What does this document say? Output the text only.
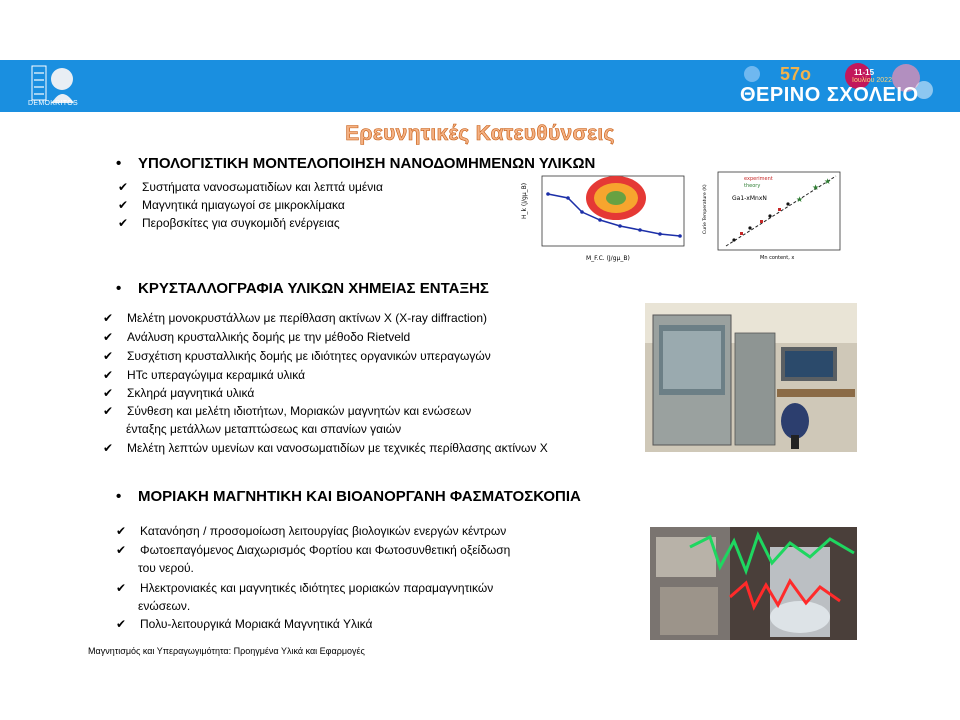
DEMOKRITOS
57ο	11-15
Ιουλίου 2022
ΘΕΡΙΝΟ ΣΧΟΛΕΙΟ
Ερευνητικές Κατευθύνσεις
• ΥΠΟΛΟΓΙΣΤΙΚΗ ΜΟΝΤΕΛΟΠΟΙΗΣΗ ΝΑΝΟΔΟΜΗΜΕΝΩΝ ΥΛΙΚΩΝ
✔ Συστήματα νανοσωματιδίων και λεπτά υμένια
✔ Μαγνητικά ημιαγωγοί σε μικροκλίμακα
✔ Περοβσκίτες για συγκομιδή ενέργειας
H_k (J/gμ_B)
M_F.C. (J/gμ_B)
★
★
★
experiment
theory
Ga1-xMnxN
Curie Temperature (K)
Mn content, x
• ΚΡΥΣΤΑΛΛΟΓΡΑΦΙΑ ΥΛΙΚΩΝ ΧΗΜΕΙΑΣ ΕΝΤΑΞΗΣ
✔ Μελέτη μονοκρυστάλλων με περίθλαση ακτίνων Χ (X-ray diffraction)
✔ Ανάλυση κρυσταλλικής δομής με την μέθοδο Rietveld
✔ Συσχέτιση κρυσταλλικής δομής με ιδιότητες οργανικών υπεραγωγών
✔ HTc υπεραγώγιμα κεραμικά υλικά
✔ Σκληρά μαγνητικά υλικά
✔ Σύνθεση και μελέτη ιδιοτήτων, Μοριακών μαγνητών και ενώσεων
ένταξης μετάλλων μεταπτώσεως και σπανίων γαιών
✔ Μελέτη λεπτών υμενίων και νανοσωματιδίων με τεχνικές περίθλασης ακτίνων Χ
• ΜΟΡΙΑΚΗ ΜΑΓΝΗΤΙΚΗ ΚΑΙ ΒΙΟΑΝΟΡΓΑΝΗ ΦΑΣΜΑΤΟΣΚΟΠΙΑ
✔ Κατανόηση / προσομοίωση λειτουργίας βιολογικών ενεργών κέντρων
✔ Φωτοεπαγόμενος Διαχωρισμός Φορτίου και Φωτοσυνθετική οξείδωση
του νερού.
✔ Ηλεκτρονιακές και μαγνητικές ιδιότητες μοριακών παραμαγνητικών
ενώσεων.
✔ Πολυ-λειτουργικά Μοριακά Μαγνητικά Υλικά
Μαγνητισμός και Υπεραγωγιμότητα: Προηγμένα Υλικά και Εφαρμογές
